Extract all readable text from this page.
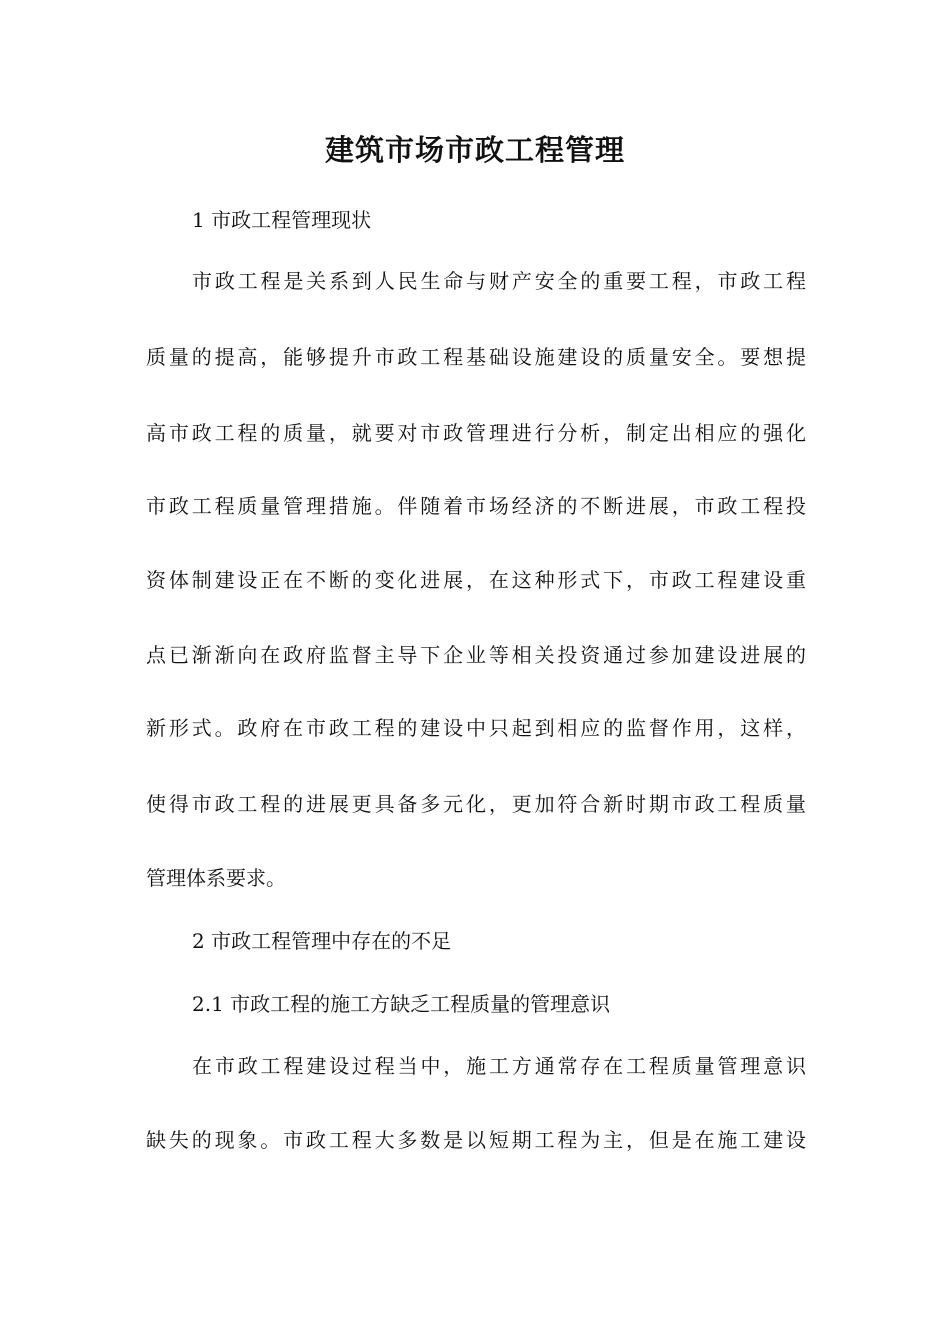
建筑市场市政工程管理

1 市政工程管理现状

市政工程是关系到人民生命与财产安全的重要工程，市政工程

质量的提高，能够提升市政工程基础设施建设的质量安全。要想提

高市政工程的质量，就要对市政管理进行分析，制定出相应的强化

市政工程质量管理措施。伴随着市场经济的不断进展，市政工程投

资体制建设正在不断的变化进展，在这种形式下，市政工程建设重

点已渐渐向在政府监督主导下企业等相关投资通过参加建设进展的

新形式。政府在市政工程的建设中只起到相应的监督作用，这样，

使得市政工程的进展更具备多元化，更加符合新时期市政工程质量

管理体系要求。

2 市政工程管理中存在的不足

2.1 市政工程的施工方缺乏工程质量的管理意识

在市政工程建设过程当中，施工方通常存在工程质量管理意识

缺失的现象。市政工程大多数是以短期工程为主，但是在施工建设
